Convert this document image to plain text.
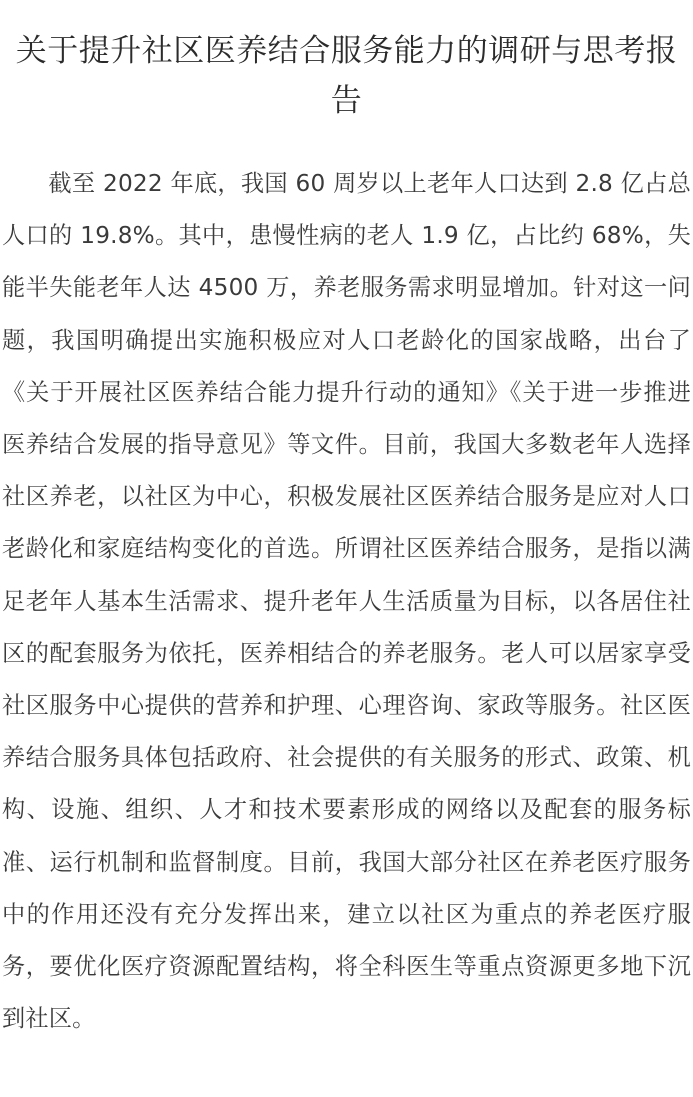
关于提升社区医养结合服务能力的调研与思考报告

截至 2022 年底，我国 60 周岁以上老年人口达到 2.8 亿占总人口的 19.8%。其中，患慢性病的老人 1.9 亿，占比约 68%，失能半失能老年人达 4500 万，养老服务需求明显增加。针对这一问题，我国明确提出实施积极应对人口老龄化的国家战略，出台了《关于开展社区医养结合能力提升行动的通知》《关于进一步推进医养结合发展的指导意见》等文件。目前，我国大多数老年人选择社区养老，以社区为中心，积极发展社区医养结合服务是应对人口老龄化和家庭结构变化的首选。所谓社区医养结合服务，是指以满足老年人基本生活需求、提升老年人生活质量为目标，以各居住社区的配套服务为依托，医养相结合的养老服务。老人可以居家享受社区服务中心提供的营养和护理、心理咨询、家政等服务。社区医养结合服务具体包括政府、社会提供的有关服务的形式、政策、机构、设施、组织、人才和技术要素形成的网络以及配套的服务标准、运行机制和监督制度。目前，我国大部分社区在养老医疗服务中的作用还没有充分发挥出来，建立以社区为重点的养老医疗服务，要优化医疗资源配置结构，将全科医生等重点资源更多地下沉到社区。
